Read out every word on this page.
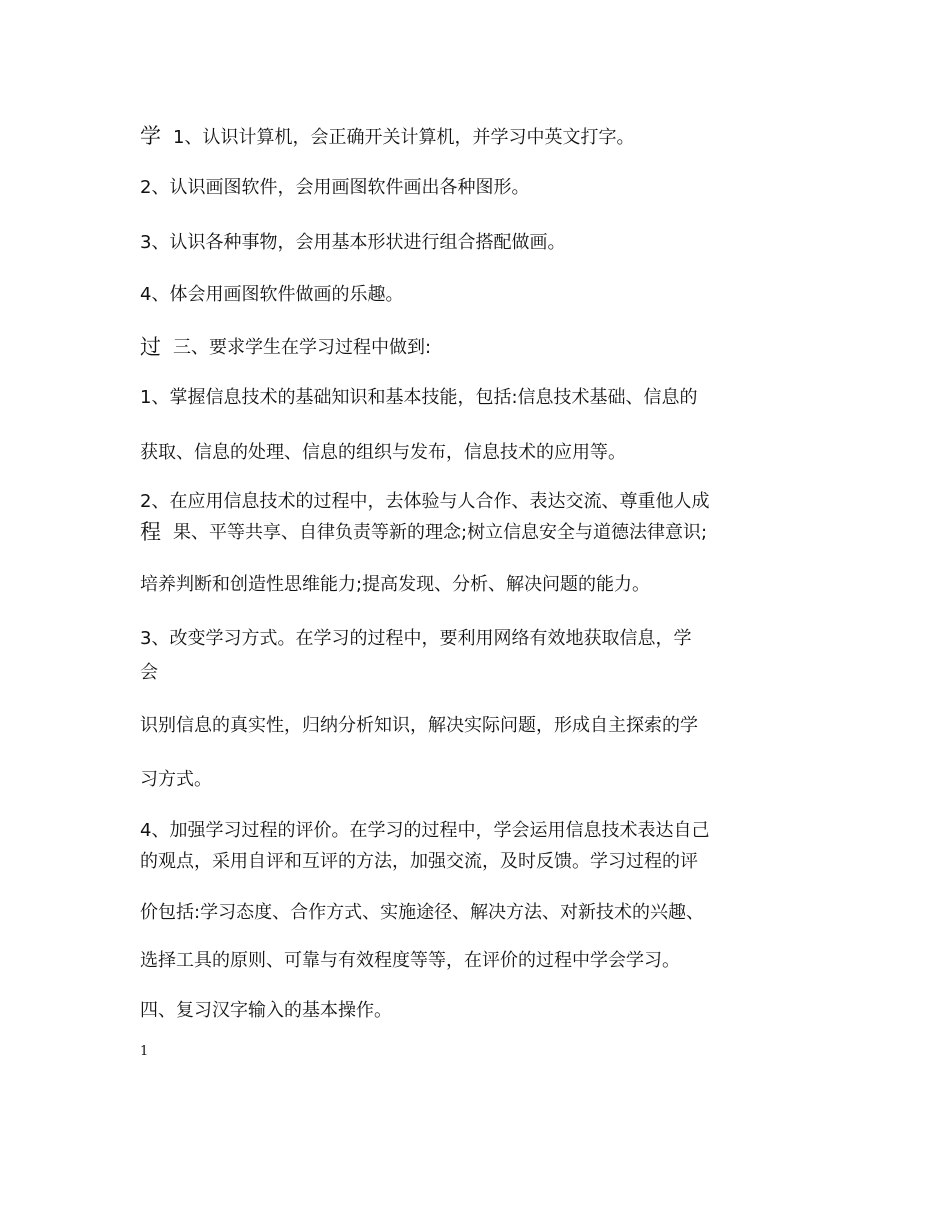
学 1、认识计算机，会正确开关计算机，并学习中英文打字。
2、认识画图软件，会用画图软件画出各种图形。
3、认识各种事物，会用基本形状进行组合搭配做画。
4、体会用画图软件做画的乐趣。
过 三、要求学生在学习过程中做到:
1、掌握信息技术的基础知识和基本技能，包括:信息技术基础、信息的
获取、信息的处理、信息的组织与发布，信息技术的应用等。
2、在应用信息技术的过程中，去体验与人合作、表达交流、尊重他人成
程 果、平等共享、自律负责等新的理念;树立信息安全与道德法律意识;
培养判断和创造性思维能力;提高发现、分析、解决问题的能力。
3、改变学习方式。在学习的过程中，要利用网络有效地获取信息，学
会
识别信息的真实性，归纳分析知识，解决实际问题，形成自主探索的学
习方式。
4、加强学习过程的评价。在学习的过程中，学会运用信息技术表达自己
的观点，采用自评和互评的方法，加强交流，及时反馈。学习过程的评
价包括:学习态度、合作方式、实施途径、解决方法、对新技术的兴趣、
选择工具的原则、可靠与有效程度等等，在评价的过程中学会学习。
四、复习汉字输入的基本操作。
1
